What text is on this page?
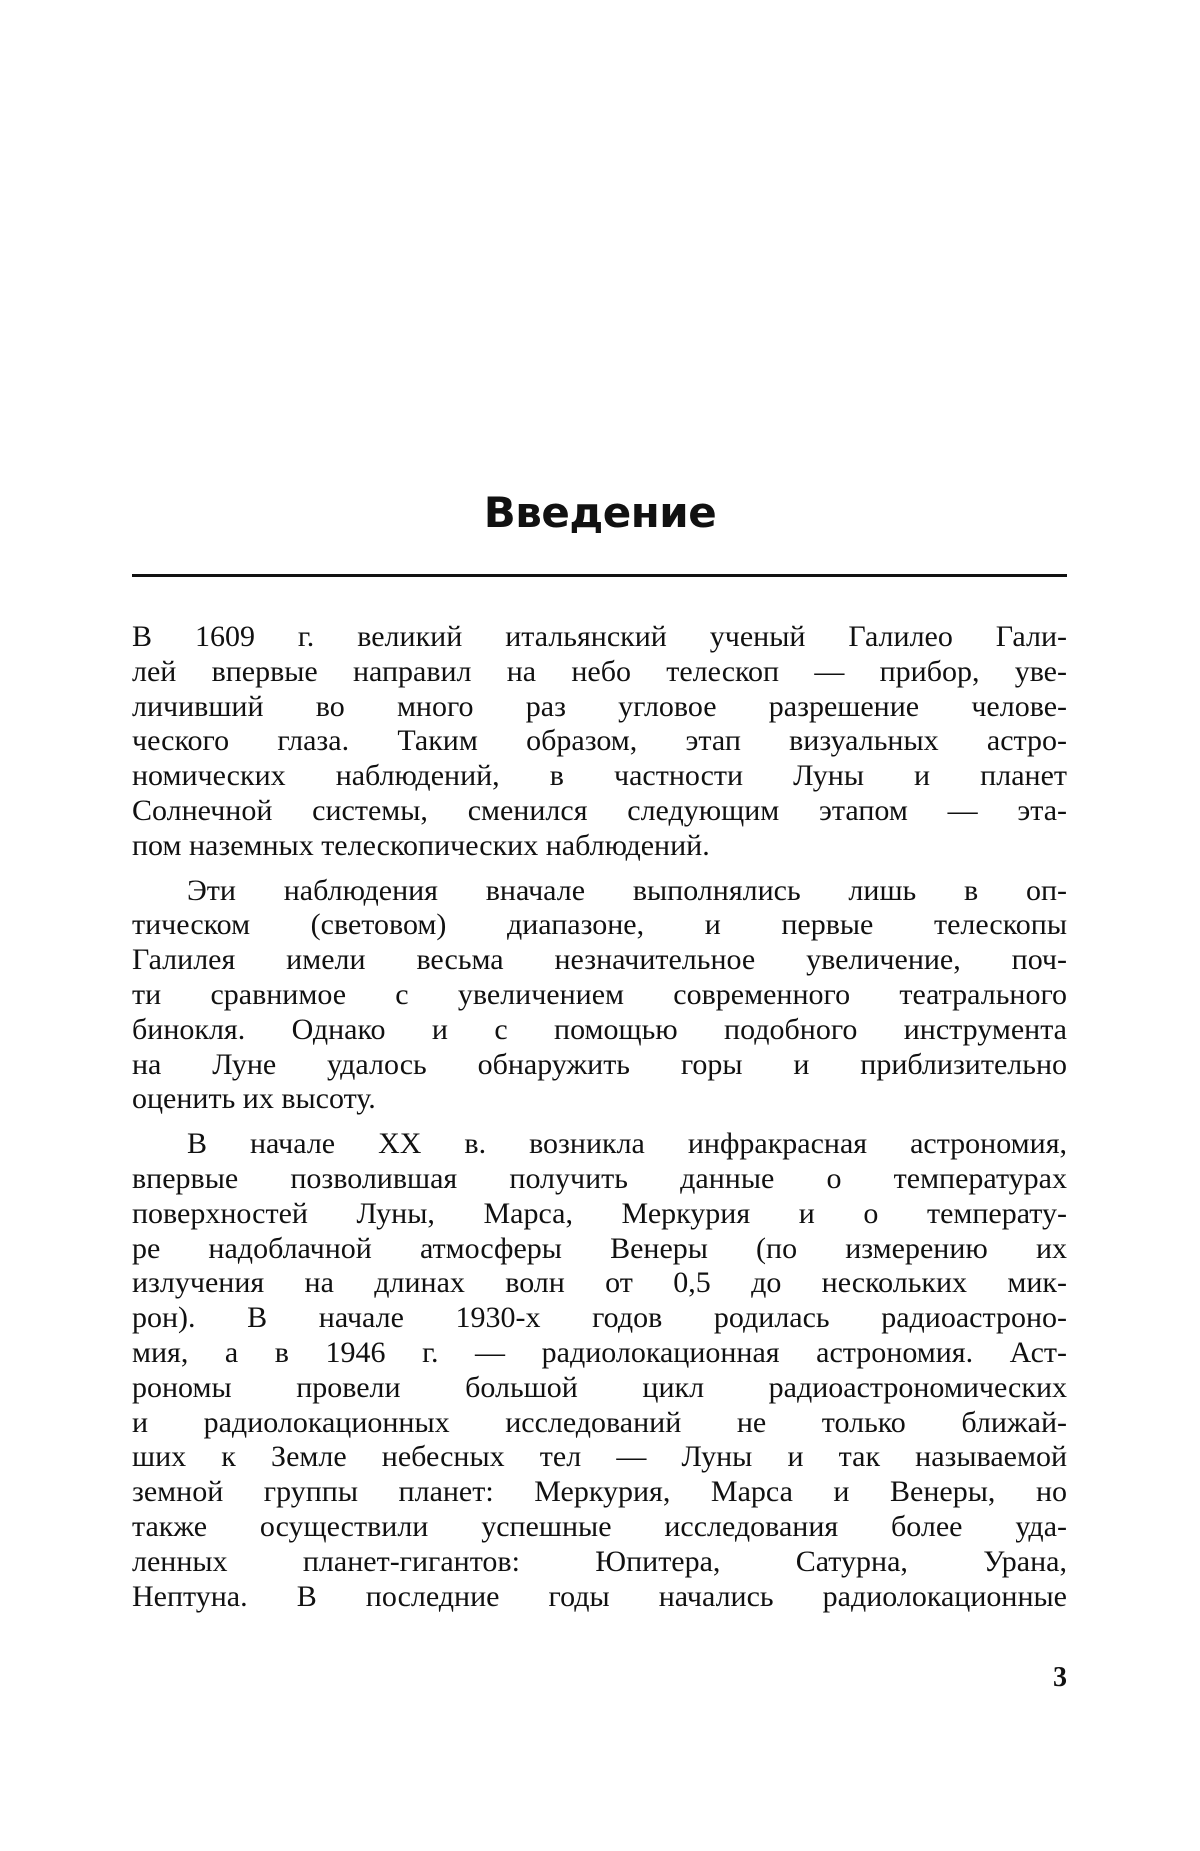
Введение

В 1609 г. великий итальянский ученый Галилео Гали-
лей впервые направил на небо телескоп — прибор, уве-
личивший во много раз угловое разрешение челове-
ческого глаза. Таким образом, этап визуальных астро-
номических наблюдений, в частности Луны и планет
Солнечной системы, сменился следующим этапом — эта-
пом наземных телескопических наблюдений.

Эти наблюдения вначале выполнялись лишь в оп-
тическом (световом) диапазоне, и первые телескопы
Галилея имели весьма незначительное увеличение, поч-
ти сравнимое с увеличением современного театрального
бинокля. Однако и с помощью подобного инструмента
на Луне удалось обнаружить горы и приблизительно
оценить их высоту.

В начале XX в. возникла инфракрасная астрономия,
впервые позволившая получить данные о температурах
поверхностей Луны, Марса, Меркурия и о температу-
ре надоблачной атмосферы Венеры (по измерению их
излучения на длинах волн от 0,5 до нескольких мик-
рон). В начале 1930-х годов родилась радиоастроно-
мия, а в 1946 г. — радиолокационная астрономия. Аст-
рономы провели большой цикл радиоастрономических
и радиолокационных исследований не только ближай-
ших к Земле небесных тел — Луны и так называемой
земной группы планет: Меркурия, Марса и Венеры, но
также осуществили успешные исследования более уда-
ленных планет-гигантов: Юпитера, Сатурна, Урана,
Нептуна. В последние годы начались радиолокационные

3
